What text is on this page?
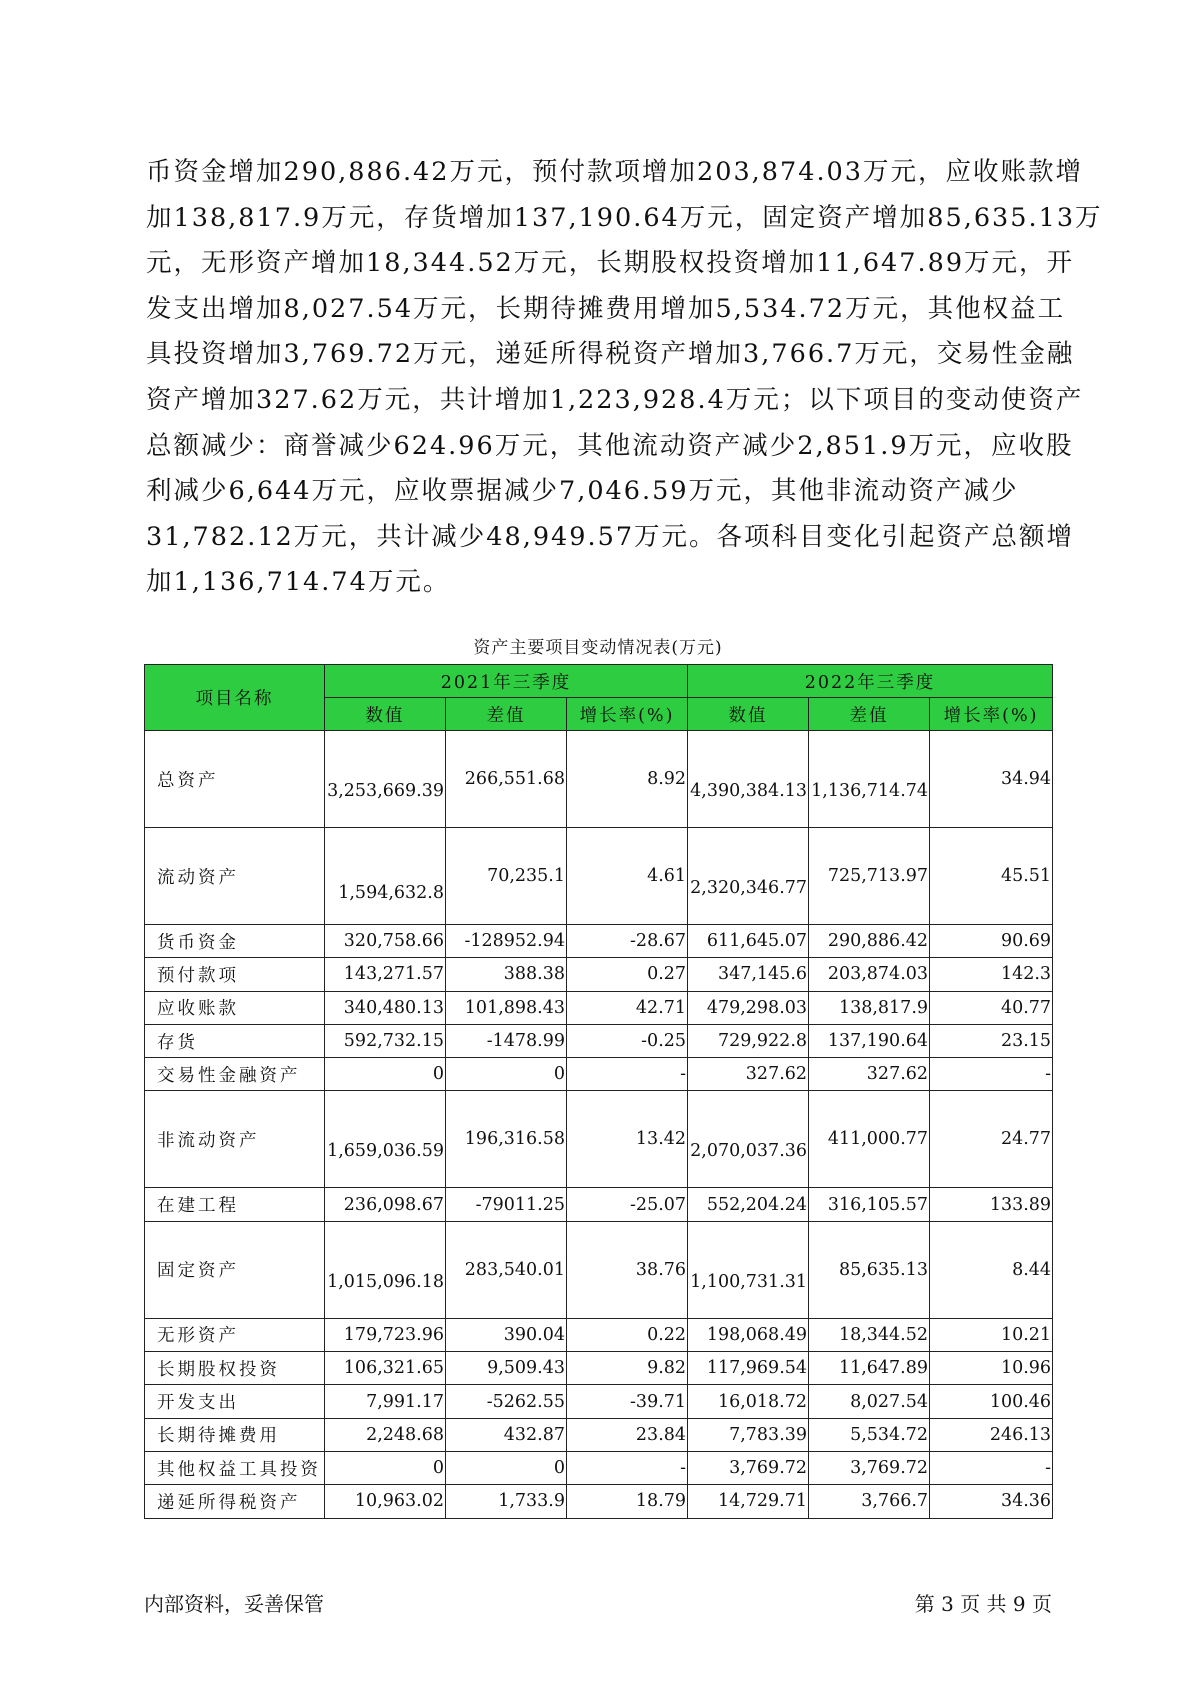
币资金增加290,886.42万元，预付款项增加203,874.03万元，应收账款增

加138,817.9万元，存货增加137,190.64万元，固定资产增加85,635.13万

元，无形资产增加18,344.52万元，长期股权投资增加11,647.89万元，开

发支出增加8,027.54万元，长期待摊费用增加5,534.72万元，其他权益工

具投资增加3,769.72万元，递延所得税资产增加3,766.7万元，交易性金融

资产增加327.62万元，共计增加1,223,928.4万元；以下项目的变动使资产

总额减少：商誉减少624.96万元，其他流动资产减少2,851.9万元，应收股

利减少6,644万元，应收票据减少7,046.59万元，其他非流动资产减少

31,782.12万元，共计减少48,949.57万元。各项科目变化引起资产总额增

加1,136,714.74万元。

资产主要项目变动情况表(万元)
项目名称	2021年三季度			2022年三季度		
	数值	差值	增长率(%)	数值	差值	增长率(%)
总资产	3,253,669.39	266,551.68	8.92	4,390,384.13	1,136,714.74	34.94
流动资产	1,594,632.8	70,235.1	4.61	2,320,346.77	725,713.97	45.51
货币资金	320,758.66	-128952.94	-28.67	611,645.07	290,886.42	90.69
预付款项	143,271.57	388.38	0.27	347,145.6	203,874.03	142.3
应收账款	340,480.13	101,898.43	42.71	479,298.03	138,817.9	40.77
存货	592,732.15	-1478.99	-0.25	729,922.8	137,190.64	23.15
交易性金融资产	0	0	-	327.62	327.62	-
非流动资产	1,659,036.59	196,316.58	13.42	2,070,037.36	411,000.77	24.77
在建工程	236,098.67	-79011.25	-25.07	552,204.24	316,105.57	133.89
固定资产	1,015,096.18	283,540.01	38.76	1,100,731.31	85,635.13	8.44
无形资产	179,723.96	390.04	0.22	198,068.49	18,344.52	10.21
长期股权投资	106,321.65	9,509.43	9.82	117,969.54	11,647.89	10.96
开发支出	7,991.17	-5262.55	-39.71	16,018.72	8,027.54	100.46
长期待摊费用	2,248.68	432.87	23.84	7,783.39	5,534.72	246.13
其他权益工具投资	0	0	-	3,769.72	3,769.72	-
递延所得税资产	10,963.02	1,733.9	18.79	14,729.71	3,766.7	34.36
内部资料，妥善保管	第 3 页 共 9 页
